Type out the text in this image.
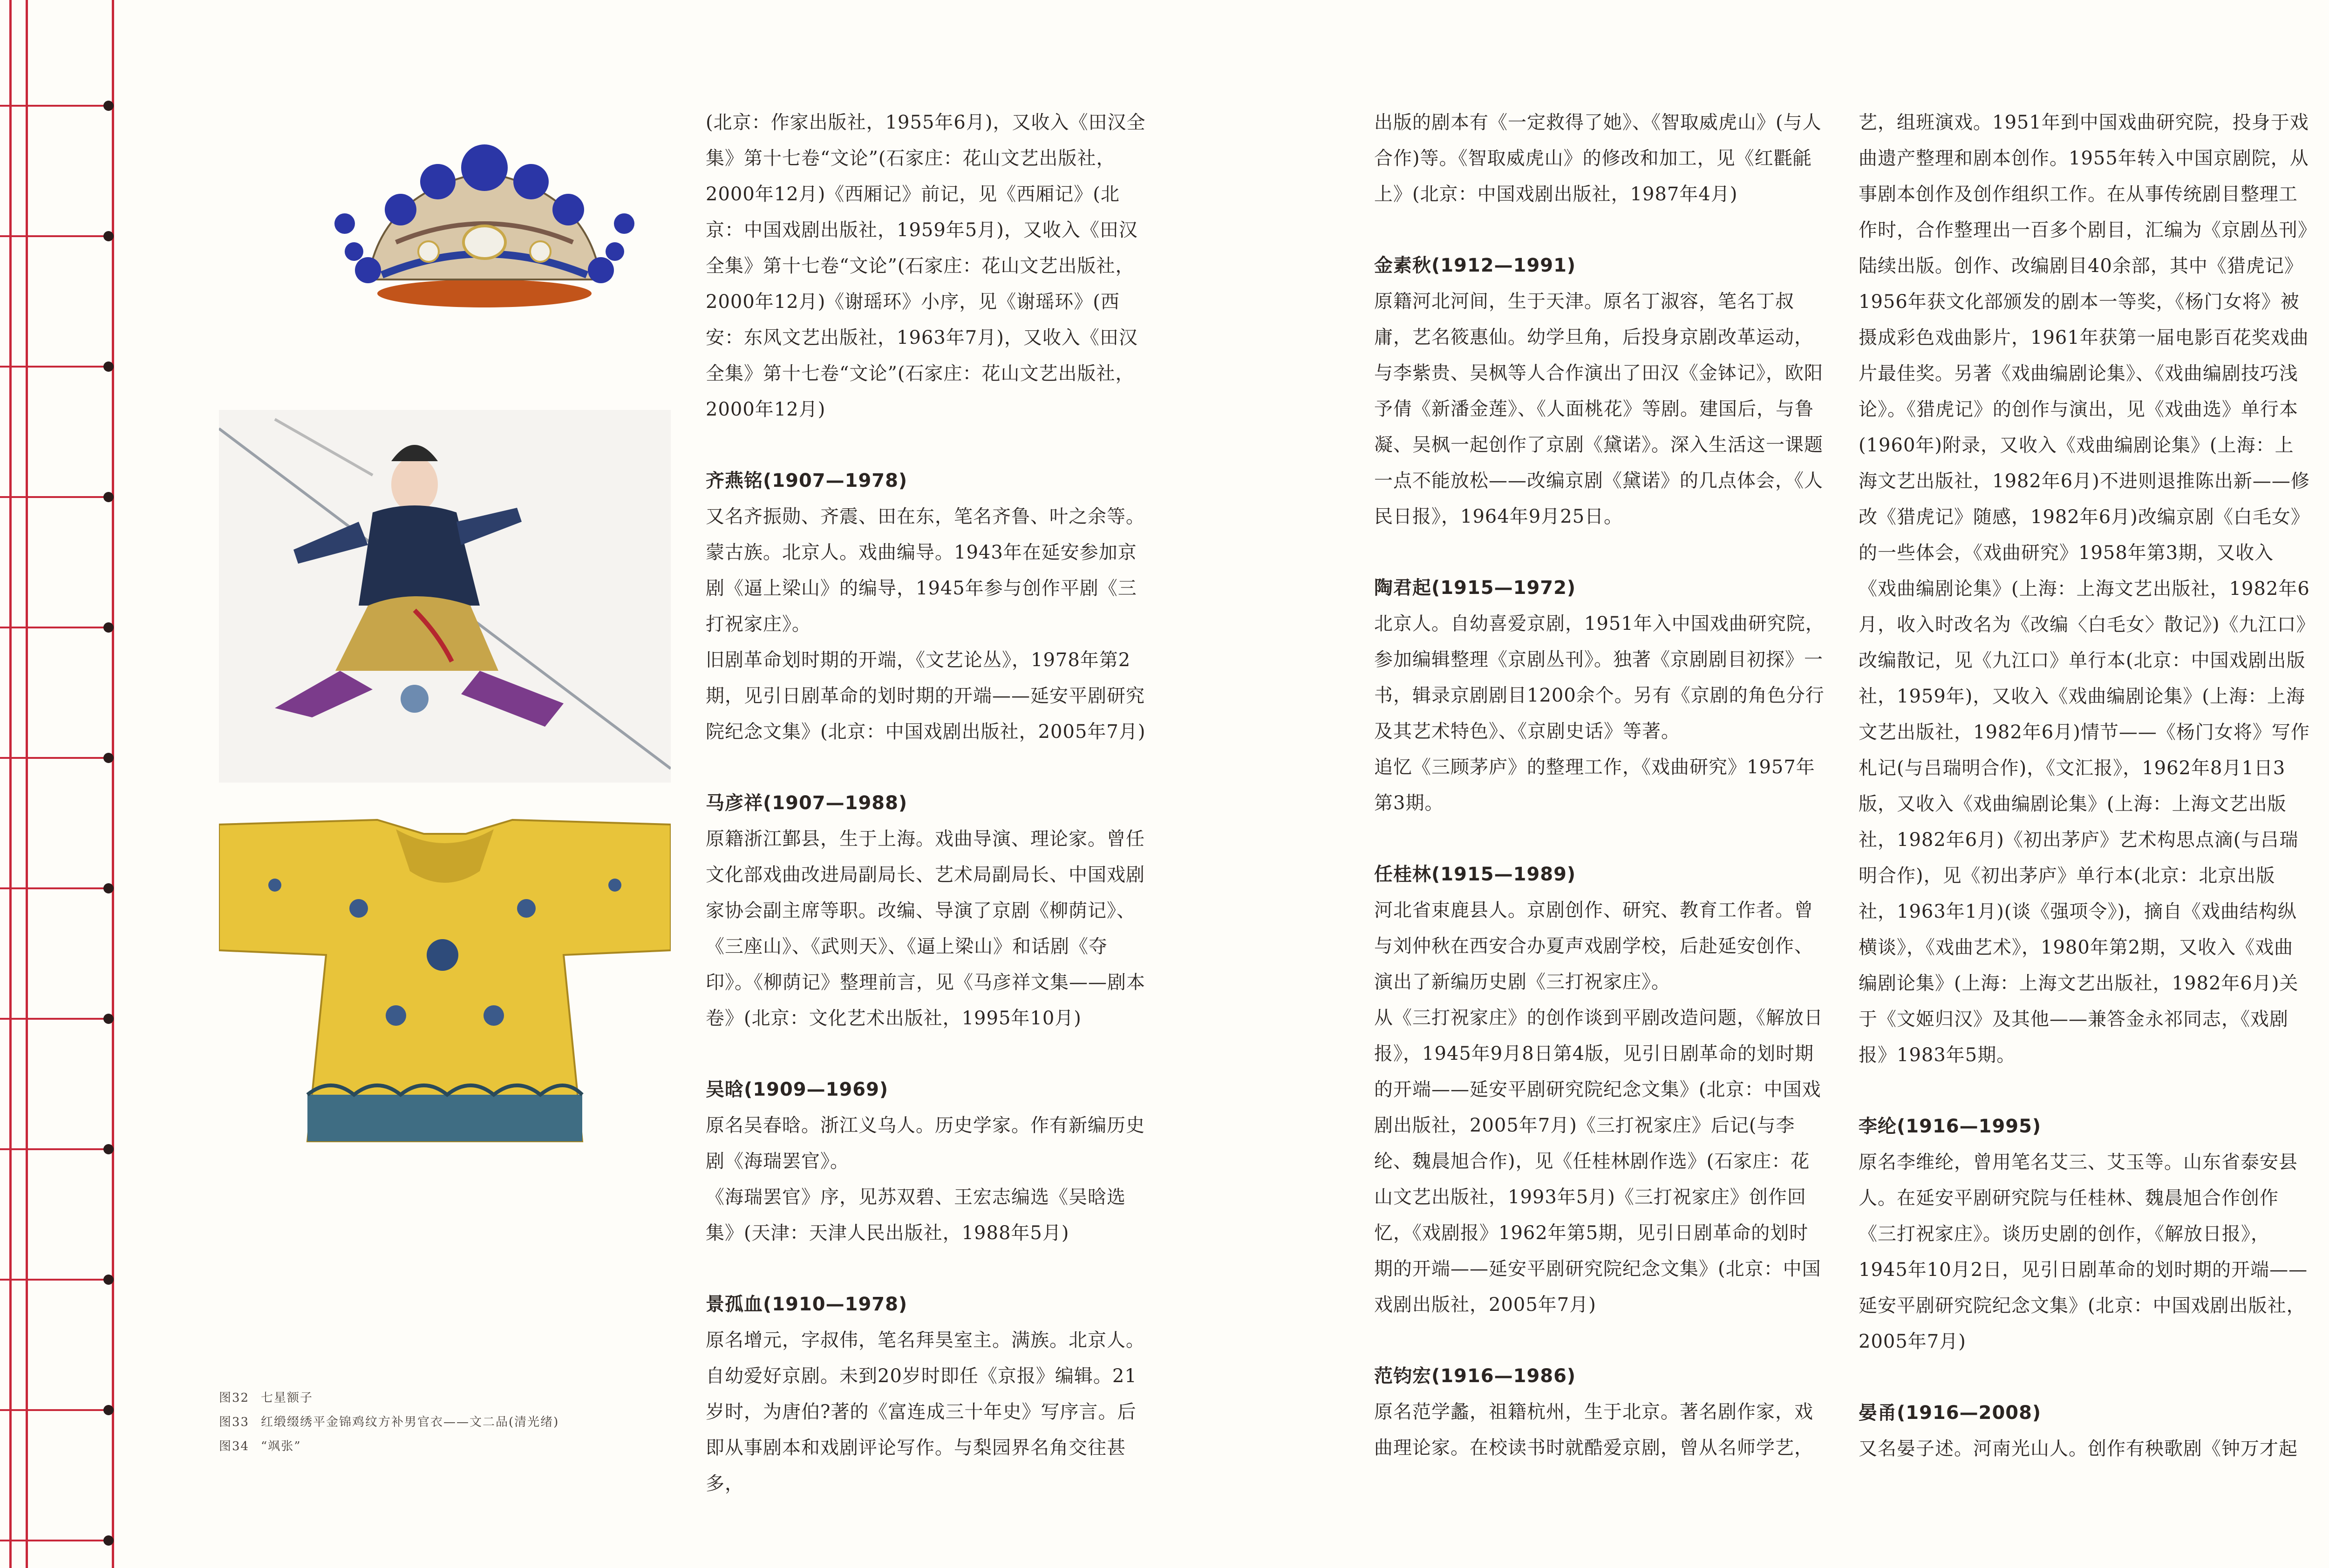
图32 七星额子
图33 红缎缀绣平金锦鸡纹方补男官衣——文二品(清光绪)
图34 “飒张”

(北京：作家出版社，1955年6月)，又收入《田汉全集》第十七卷“文论”(石家庄：花山文艺出版社，2000年12月)《西厢记》前记，见《西厢记》(北京：中国戏剧出版社，1959年5月)，又收入《田汉全集》第十七卷“文论”(石家庄：花山文艺出版社，2000年12月)《谢瑶环》小序，见《谢瑶环》(西安：东风文艺出版社，1963年7月)，又收入《田汉全集》第十七卷“文论”(石家庄：花山文艺出版社，2000年12月)

齐燕铭(1907—1978)

又名齐振勋、齐震、田在东，笔名齐鲁、叶之余等。蒙古族。北京人。戏曲编导。1943年在延安参加京剧《逼上梁山》的编导，1945年参与创作平剧《三打祝家庄》。

旧剧革命划时期的开端，《文艺论丛》，1978年第2期，见引日剧革命的划时期的开端——延安平剧研究院纪念文集》(北京：中国戏剧出版社，2005年7月)

马彦祥(1907—1988)

原籍浙江鄞县，生于上海。戏曲导演、理论家。曾任文化部戏曲改进局副局长、艺术局副局长、中国戏剧家协会副主席等职。改编、导演了京剧《柳荫记》、《三座山》、《武则天》、《逼上梁山》和话剧《夺印》。《柳荫记》整理前言，见《马彦祥文集——剧本卷》(北京：文化艺术出版社，1995年10月)

吴晗(1909—1969)

原名吴春晗。浙江义乌人。历史学家。作有新编历史剧《海瑞罢官》。

《海瑞罢官》序，见苏双碧、王宏志编选《吴晗选集》(天津：天津人民出版社，1988年5月)

景孤血(1910—1978)

原名增元，字叔伟，笔名拜昊室主。满族。北京人。自幼爱好京剧。未到20岁时即任《京报》编辑。21岁时，为唐伯?著的《富连成三十年史》写序言。后即从事剧本和戏剧评论写作。与梨园界名角交往甚多，

出版的剧本有《一定救得了她》、《智取威虎山》(与人合作)等。《智取威虎山》的修改和加工，见《红氍毹上》(北京：中国戏剧出版社，1987年4月)

金素秋(1912—1991)

原籍河北河间，生于天津。原名丁淑容，笔名丁叔庸，艺名筱惠仙。幼学旦角，后投身京剧改革运动，与李紫贵、吴枫等人合作演出了田汉《金钵记》，欧阳予倩《新潘金莲》、《人面桃花》等剧。建国后，与鲁凝、吴枫一起创作了京剧《黛诺》。深入生活这一课题一点不能放松——改编京剧《黛诺》的几点体会，《人民日报》，1964年9月25日。

陶君起(1915—1972)

北京人。自幼喜爱京剧，1951年入中国戏曲研究院，参加编辑整理《京剧丛刊》。独著《京剧剧目初探》一书，辑录京剧剧目1200余个。另有《京剧的角色分行及其艺术特色》、《京剧史话》等著。

追忆《三顾茅庐》的整理工作，《戏曲研究》1957年第3期。

任桂林(1915—1989)

河北省束鹿县人。京剧创作、研究、教育工作者。曾与刘仲秋在西安合办夏声戏剧学校，后赴延安创作、演出了新编历史剧《三打祝家庄》。

从《三打祝家庄》的创作谈到平剧改造问题，《解放日报》，1945年9月8日第4版，见引日剧革命的划时期的开端——延安平剧研究院纪念文集》(北京：中国戏剧出版社，2005年7月)《三打祝家庄》后记(与李纶、魏晨旭合作)，见《任桂林剧作选》(石家庄：花山文艺出版社，1993年5月)《三打祝家庄》创作回忆，《戏剧报》1962年第5期，见引日剧革命的划时期的开端——延安平剧研究院纪念文集》(北京：中国戏剧出版社，2005年7月)

范钧宏(1916—1986)

原名范学蠡，祖籍杭州，生于北京。著名剧作家，戏曲理论家。在校读书时就酷爱京剧，曾从名师学艺，

艺，组班演戏。1951年到中国戏曲研究院，投身于戏曲遗产整理和剧本创作。1955年转入中国京剧院，从事剧本创作及创作组织工作。在从事传统剧目整理工作时，合作整理出一百多个剧目，汇编为《京剧丛刊》陆续出版。创作、改编剧目40余部，其中《猎虎记》1956年获文化部颁发的剧本一等奖，《杨门女将》被摄成彩色戏曲影片，1961年获第一届电影百花奖戏曲片最佳奖。另著《戏曲编剧论集》、《戏曲编剧技巧浅论》。《猎虎记》的创作与演出，见《戏曲选》单行本(1960年)附录，又收入《戏曲编剧论集》(上海：上海文艺出版社，1982年6月)不进则退推陈出新——修改《猎虎记》随感，1982年6月)改编京剧《白毛女》的一些体会，《戏曲研究》1958年第3期，又收入《戏曲编剧论集》(上海：上海文艺出版社，1982年6月，收入时改名为《改编〈白毛女〉散记》)《九江口》改编散记，见《九江口》单行本(北京：中国戏剧出版社，1959年)，又收入《戏曲编剧论集》(上海：上海文艺出版社，1982年6月)情节——《杨门女将》写作札记(与吕瑞明合作)，《文汇报》，1962年8月1日3版，又收入《戏曲编剧论集》(上海：上海文艺出版社，1982年6月)《初出茅庐》艺术构思点滴(与吕瑞明合作)，见《初出茅庐》单行本(北京：北京出版社，1963年1月)(谈《强项令》)，摘自《戏曲结构纵横谈》，《戏曲艺术》，1980年第2期，又收入《戏曲编剧论集》(上海：上海文艺出版社，1982年6月)关于《文姬归汉》及其他——兼答金永祁同志，《戏剧报》1983年5期。

李纶(1916—1995)

原名李维纶，曾用笔名艾三、艾玉等。山东省泰安县人。在延安平剧研究院与任桂林、魏晨旭合作创作《三打祝家庄》。谈历史剧的创作，《解放日报》，1945年10月2日，见引日剧革命的划时期的开端——延安平剧研究院纪念文集》(北京：中国戏剧出版社，2005年7月)

晏甬(1916—2008)

又名晏子述。河南光山人。创作有秧歌剧《钟万才起
